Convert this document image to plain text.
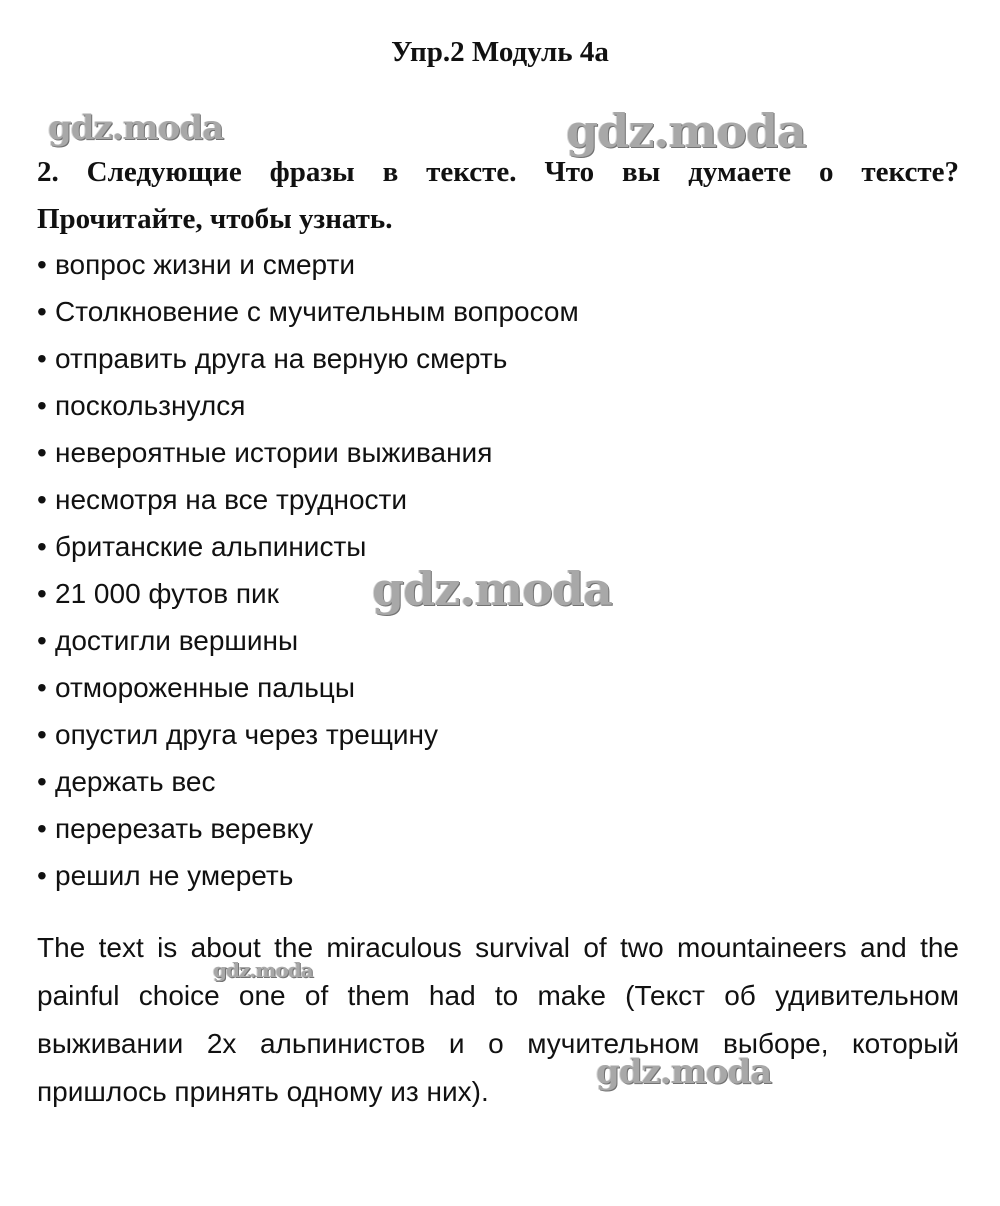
Упр.2 Модуль 4а
gdz.moda	gdz.moda
2. Следующие фразы в тексте. Что вы думаете о тексте?
Прочитайте, чтобы узнать.
• вопрос жизни и смерти
• Столкновение с мучительным вопросом
• отправить друга на верную смерть
• поскользнулся
• невероятные истории выживания
• несмотря на все трудности
• британские альпинисты
• 21 000 футов пик
• достигли вершины
• отмороженные пальцы
• опустил друга через трещину
• держать вес
• перерезать веревку
• решил не умереть
gdz.moda
The text is about the miraculous survival of two mountaineers and the
painful choice one of them had to make (Текст об удивительном
выживании 2х альпинистов и о мучительном выборе, который
пришлось принять одному из них).
gdz.moda
gdz.moda
